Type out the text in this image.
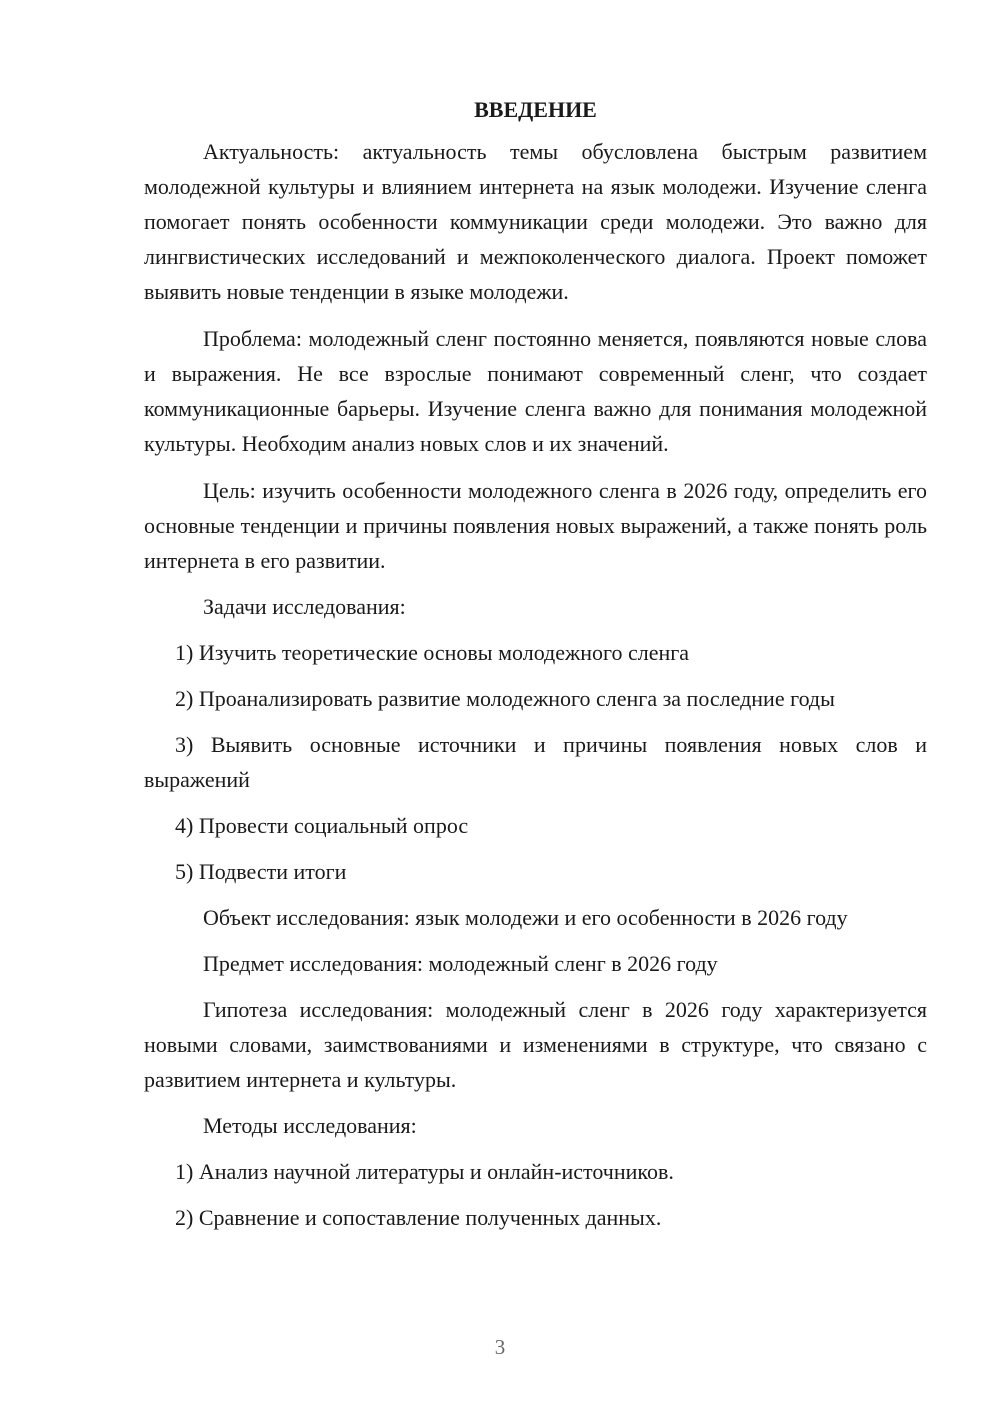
ВВЕДЕНИЕ

Актуальность: актуальность темы обусловлена быстрым развитием молодежной культуры и влиянием интернета на язык молодежи. Изучение сленга помогает понять особенности коммуникации среди молодежи. Это важно для лингвистических исследований и межпоколенческого диалога. Проект поможет выявить новые тенденции в языке молодежи.

Проблема: молодежный сленг постоянно меняется, появляются новые слова и выражения. Не все взрослые понимают современный сленг, что создает коммуникационные барьеры. Изучение сленга важно для понимания молодежной культуры. Необходим анализ новых слов и их значений.

Цель: изучить особенности молодежного сленга в 2026 году, определить его основные тенденции и причины появления новых выражений, а также понять роль интернета в его развитии.

Задачи исследования:

1) Изучить теоретические основы молодежного сленга

2) Проанализировать развитие молодежного сленга за последние годы

3) Выявить основные источники и причины появления новых слов и выражений

4) Провести социальный опрос

5) Подвести итоги

Объект исследования: язык молодежи и его особенности в 2026 году

Предмет исследования: молодежный сленг в 2026 году

Гипотеза исследования: молодежный сленг в 2026 году характеризуется новыми словами, заимствованиями и изменениями в структуре, что связано с развитием интернета и культуры.

Методы исследования:

1) Анализ научной литературы и онлайн-источников.

2) Сравнение и сопоставление полученных данных.

3
